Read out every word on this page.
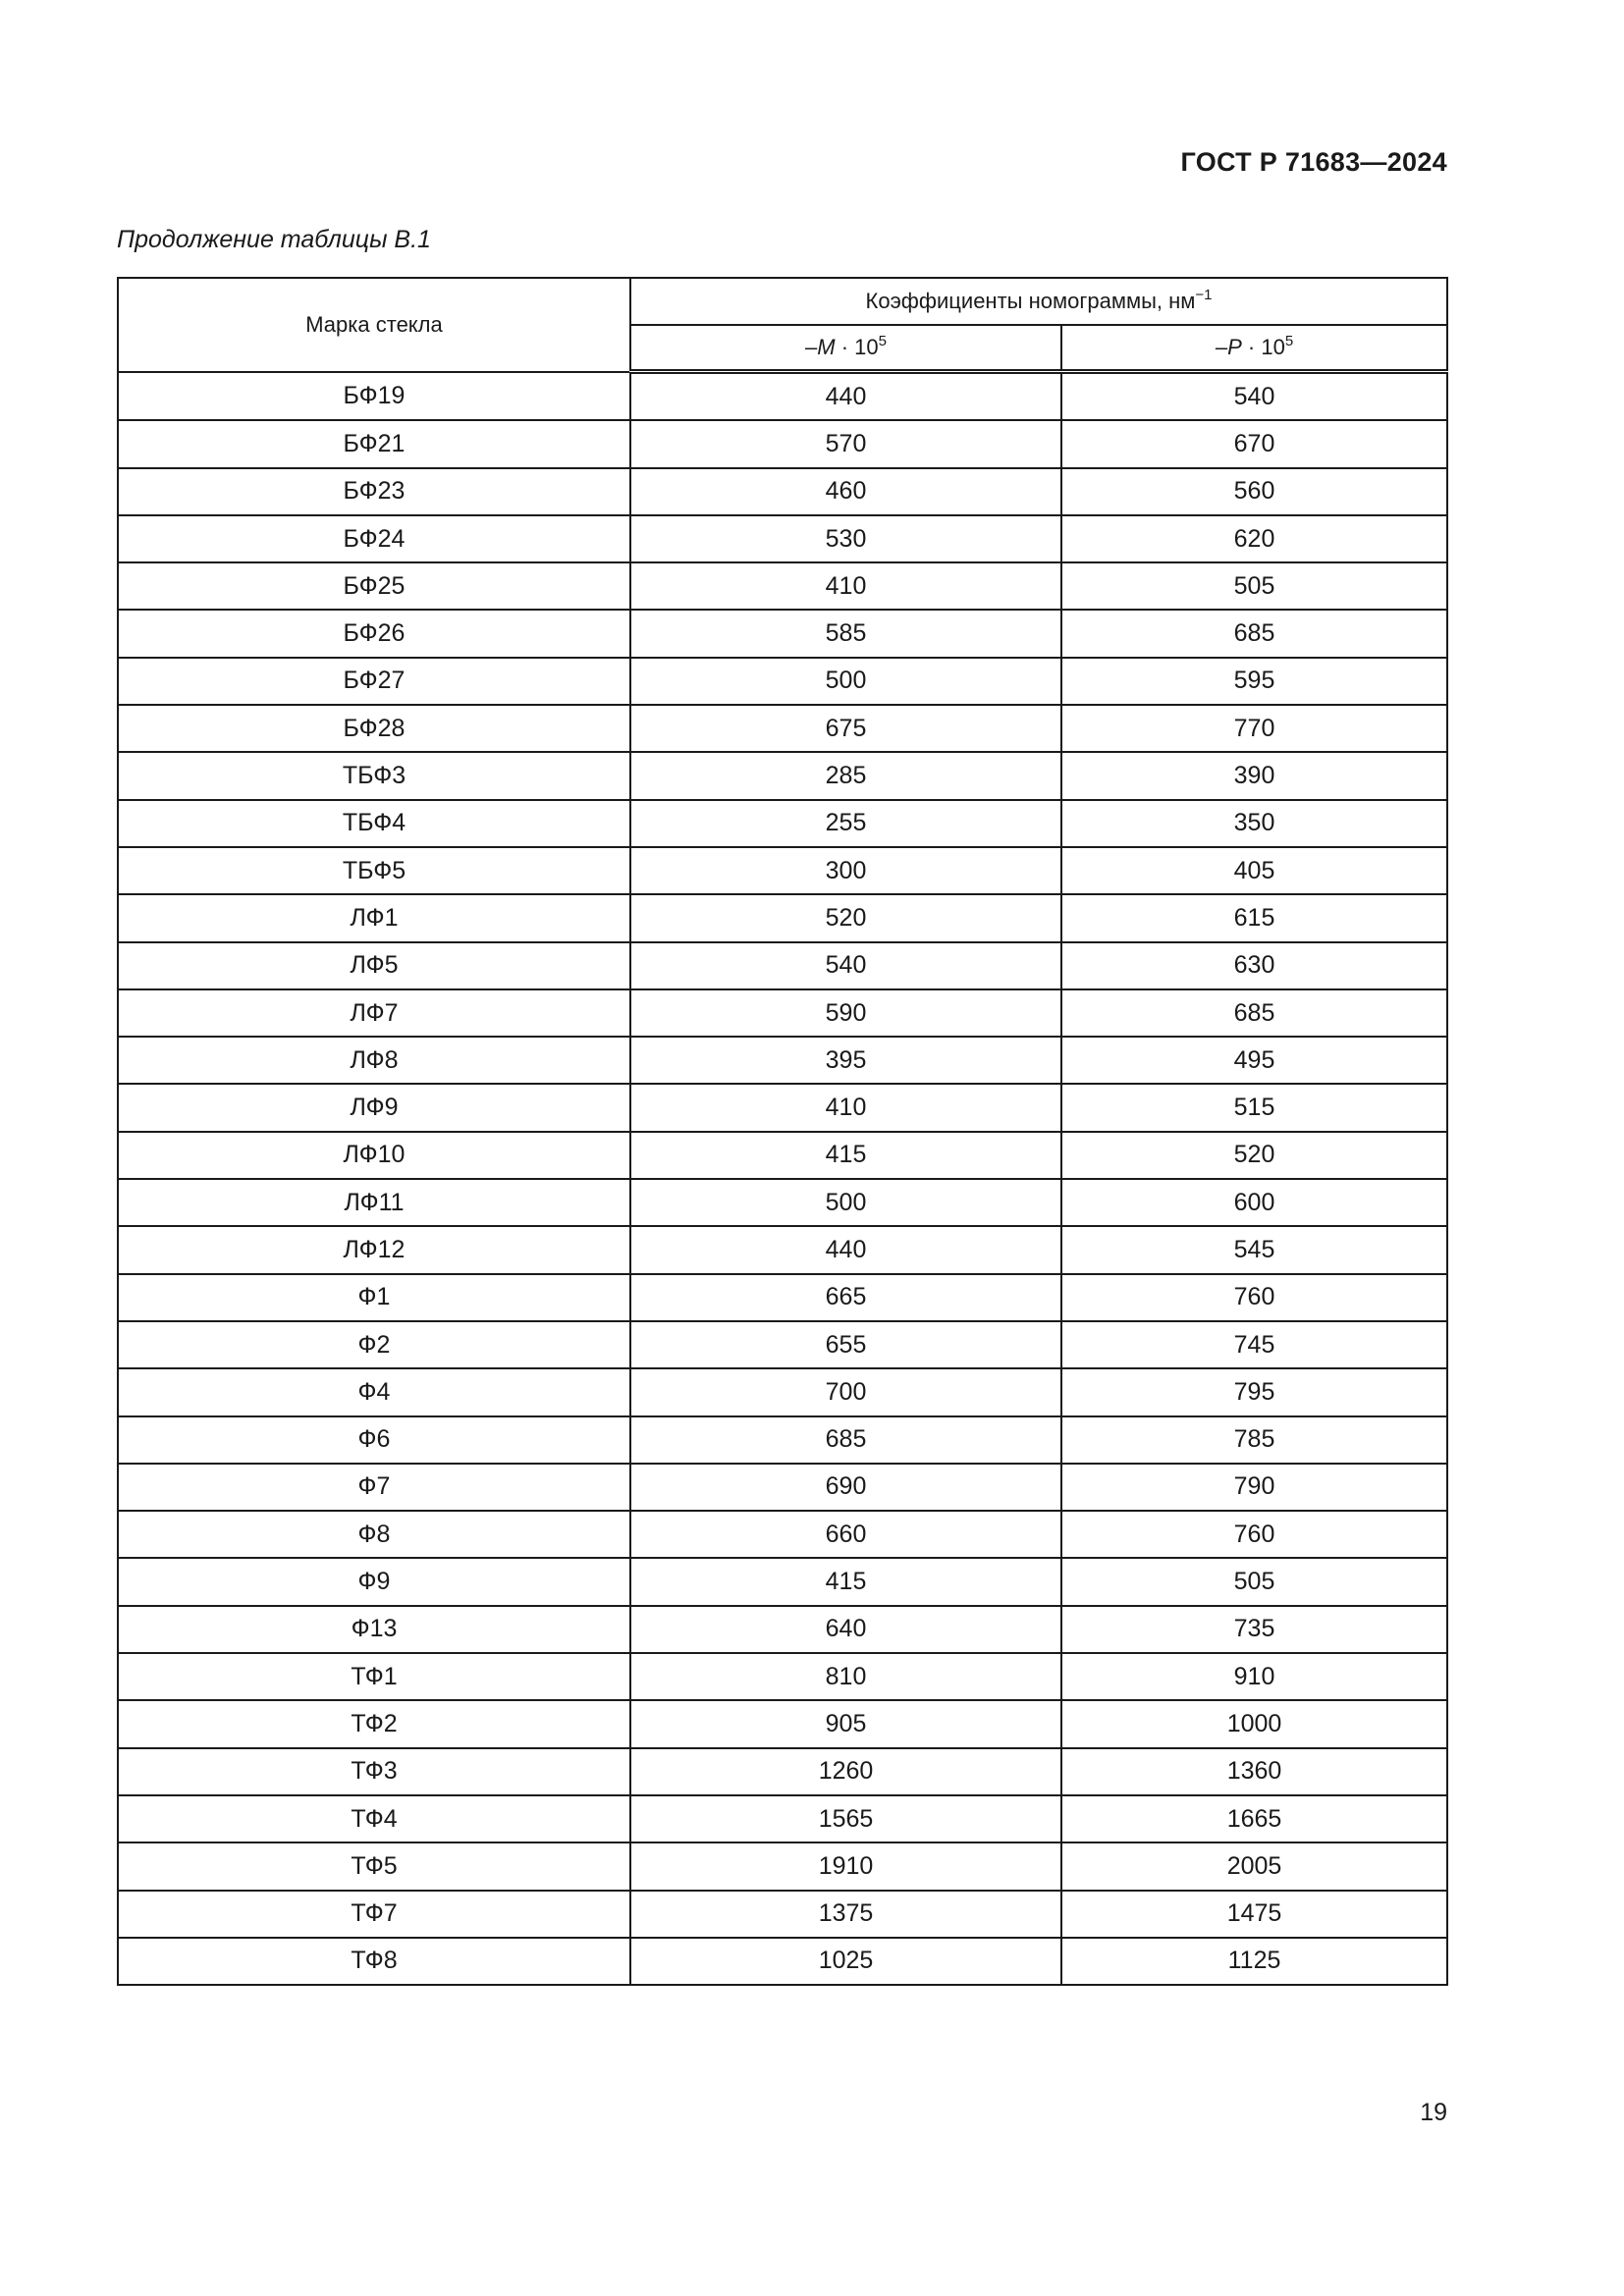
ГОСТ Р 71683—2024
Продолжение таблицы В.1
Марка стекла	Коэффициенты номограммы, $нм^{-1}$
	$-M \cdot 10^5$	$-P \cdot 10^5$
БФ19	440	540
БФ21	570	670
БФ23	460	560
БФ24	530	620
БФ25	410	505
БФ26	585	685
БФ27	500	595
БФ28	675	770
ТБФ3	285	390
ТБФ4	255	350
ТБФ5	300	405
ЛФ1	520	615
ЛФ5	540	630
ЛФ7	590	685
ЛФ8	395	495
ЛФ9	410	515
ЛФ10	415	520
ЛФ11	500	600
ЛФ12	440	545
Ф1	665	760
Ф2	655	745
Ф4	700	795
Ф6	685	785
Ф7	690	790
Ф8	660	760
Ф9	415	505
Ф13	640	735
ТФ1	810	910
ТФ2	905	1000
ТФ3	1260	1360
ТФ4	1565	1665
ТФ5	1910	2005
ТФ7	1375	1475
ТФ8	1025	1125
19
